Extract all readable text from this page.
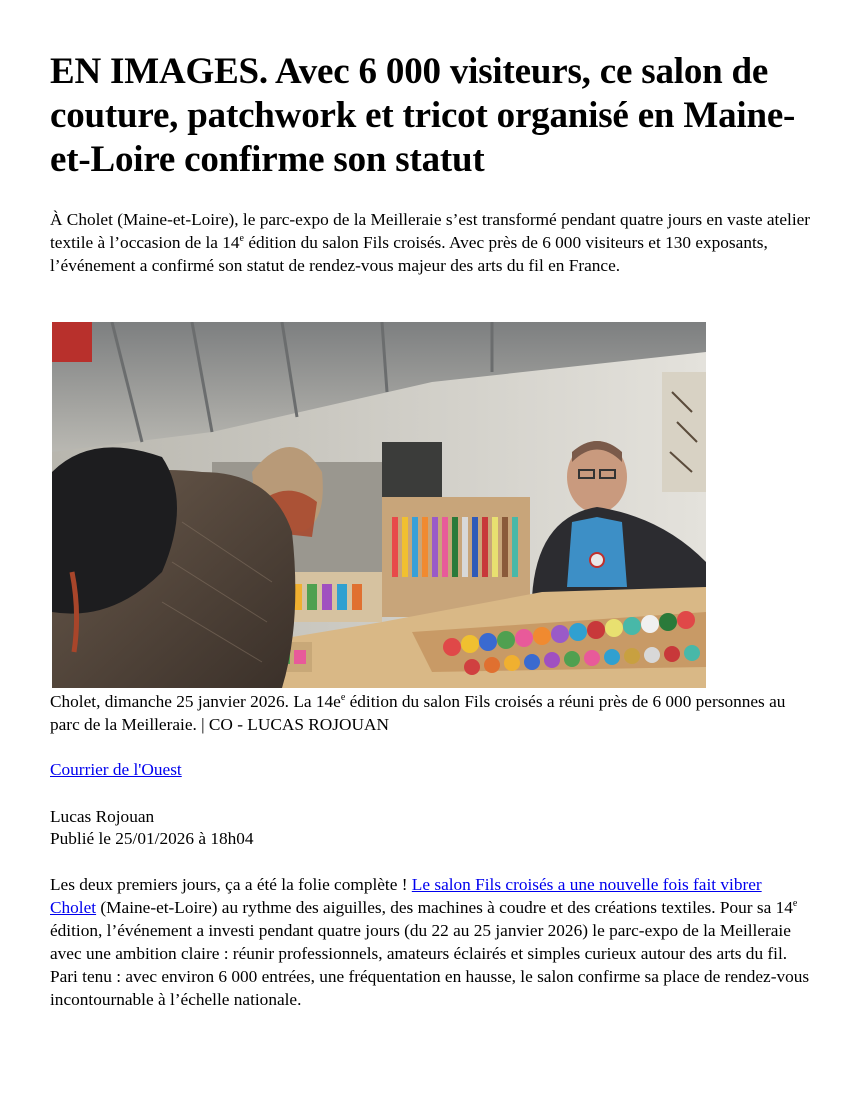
EN IMAGES. Avec 6 000 visiteurs, ce salon de couture, patchwork et tricot organisé en Maine-et-Loire confirme son statut

À Cholet (Maine-et-Loire), le parc-expo de la Meilleraie s’est transformé pendant quatre jours en vaste atelier textile à l’occasion de la 14e édition du salon Fils croisés. Avec près de 6 000 visiteurs et 130 exposants, l’événement a confirmé son statut de rendez-vous majeur des arts du fil en France.

Cholet, dimanche 25 janvier 2026. La $14e^e$ édition du salon Fils croisés a réuni près de 6 000 personnes au parc de la Meilleraie. | CO - LUCAS ROJOUAN

Courrier de l'Ouest
Lucas Rojouan
Publié le 25/01/2026 à 18h04

Les deux premiers jours, ça a été la folie complète ! Le salon Fils croisés a une nouvelle fois fait vibrer Cholet (Maine-et-Loire) au rythme des aiguilles, des machines à coudre et des créations textiles. Pour sa 14e édition, l’événement a investi pendant quatre jours (du 22 au 25 janvier 2026) le parc-expo de la Meilleraie avec une ambition claire : réunir professionnels, amateurs éclairés et simples curieux autour des arts du fil. Pari tenu : avec environ 6 000 entrées, une fréquentation en hausse, le salon confirme sa place de rendez-vous incontournable à l’échelle nationale.
